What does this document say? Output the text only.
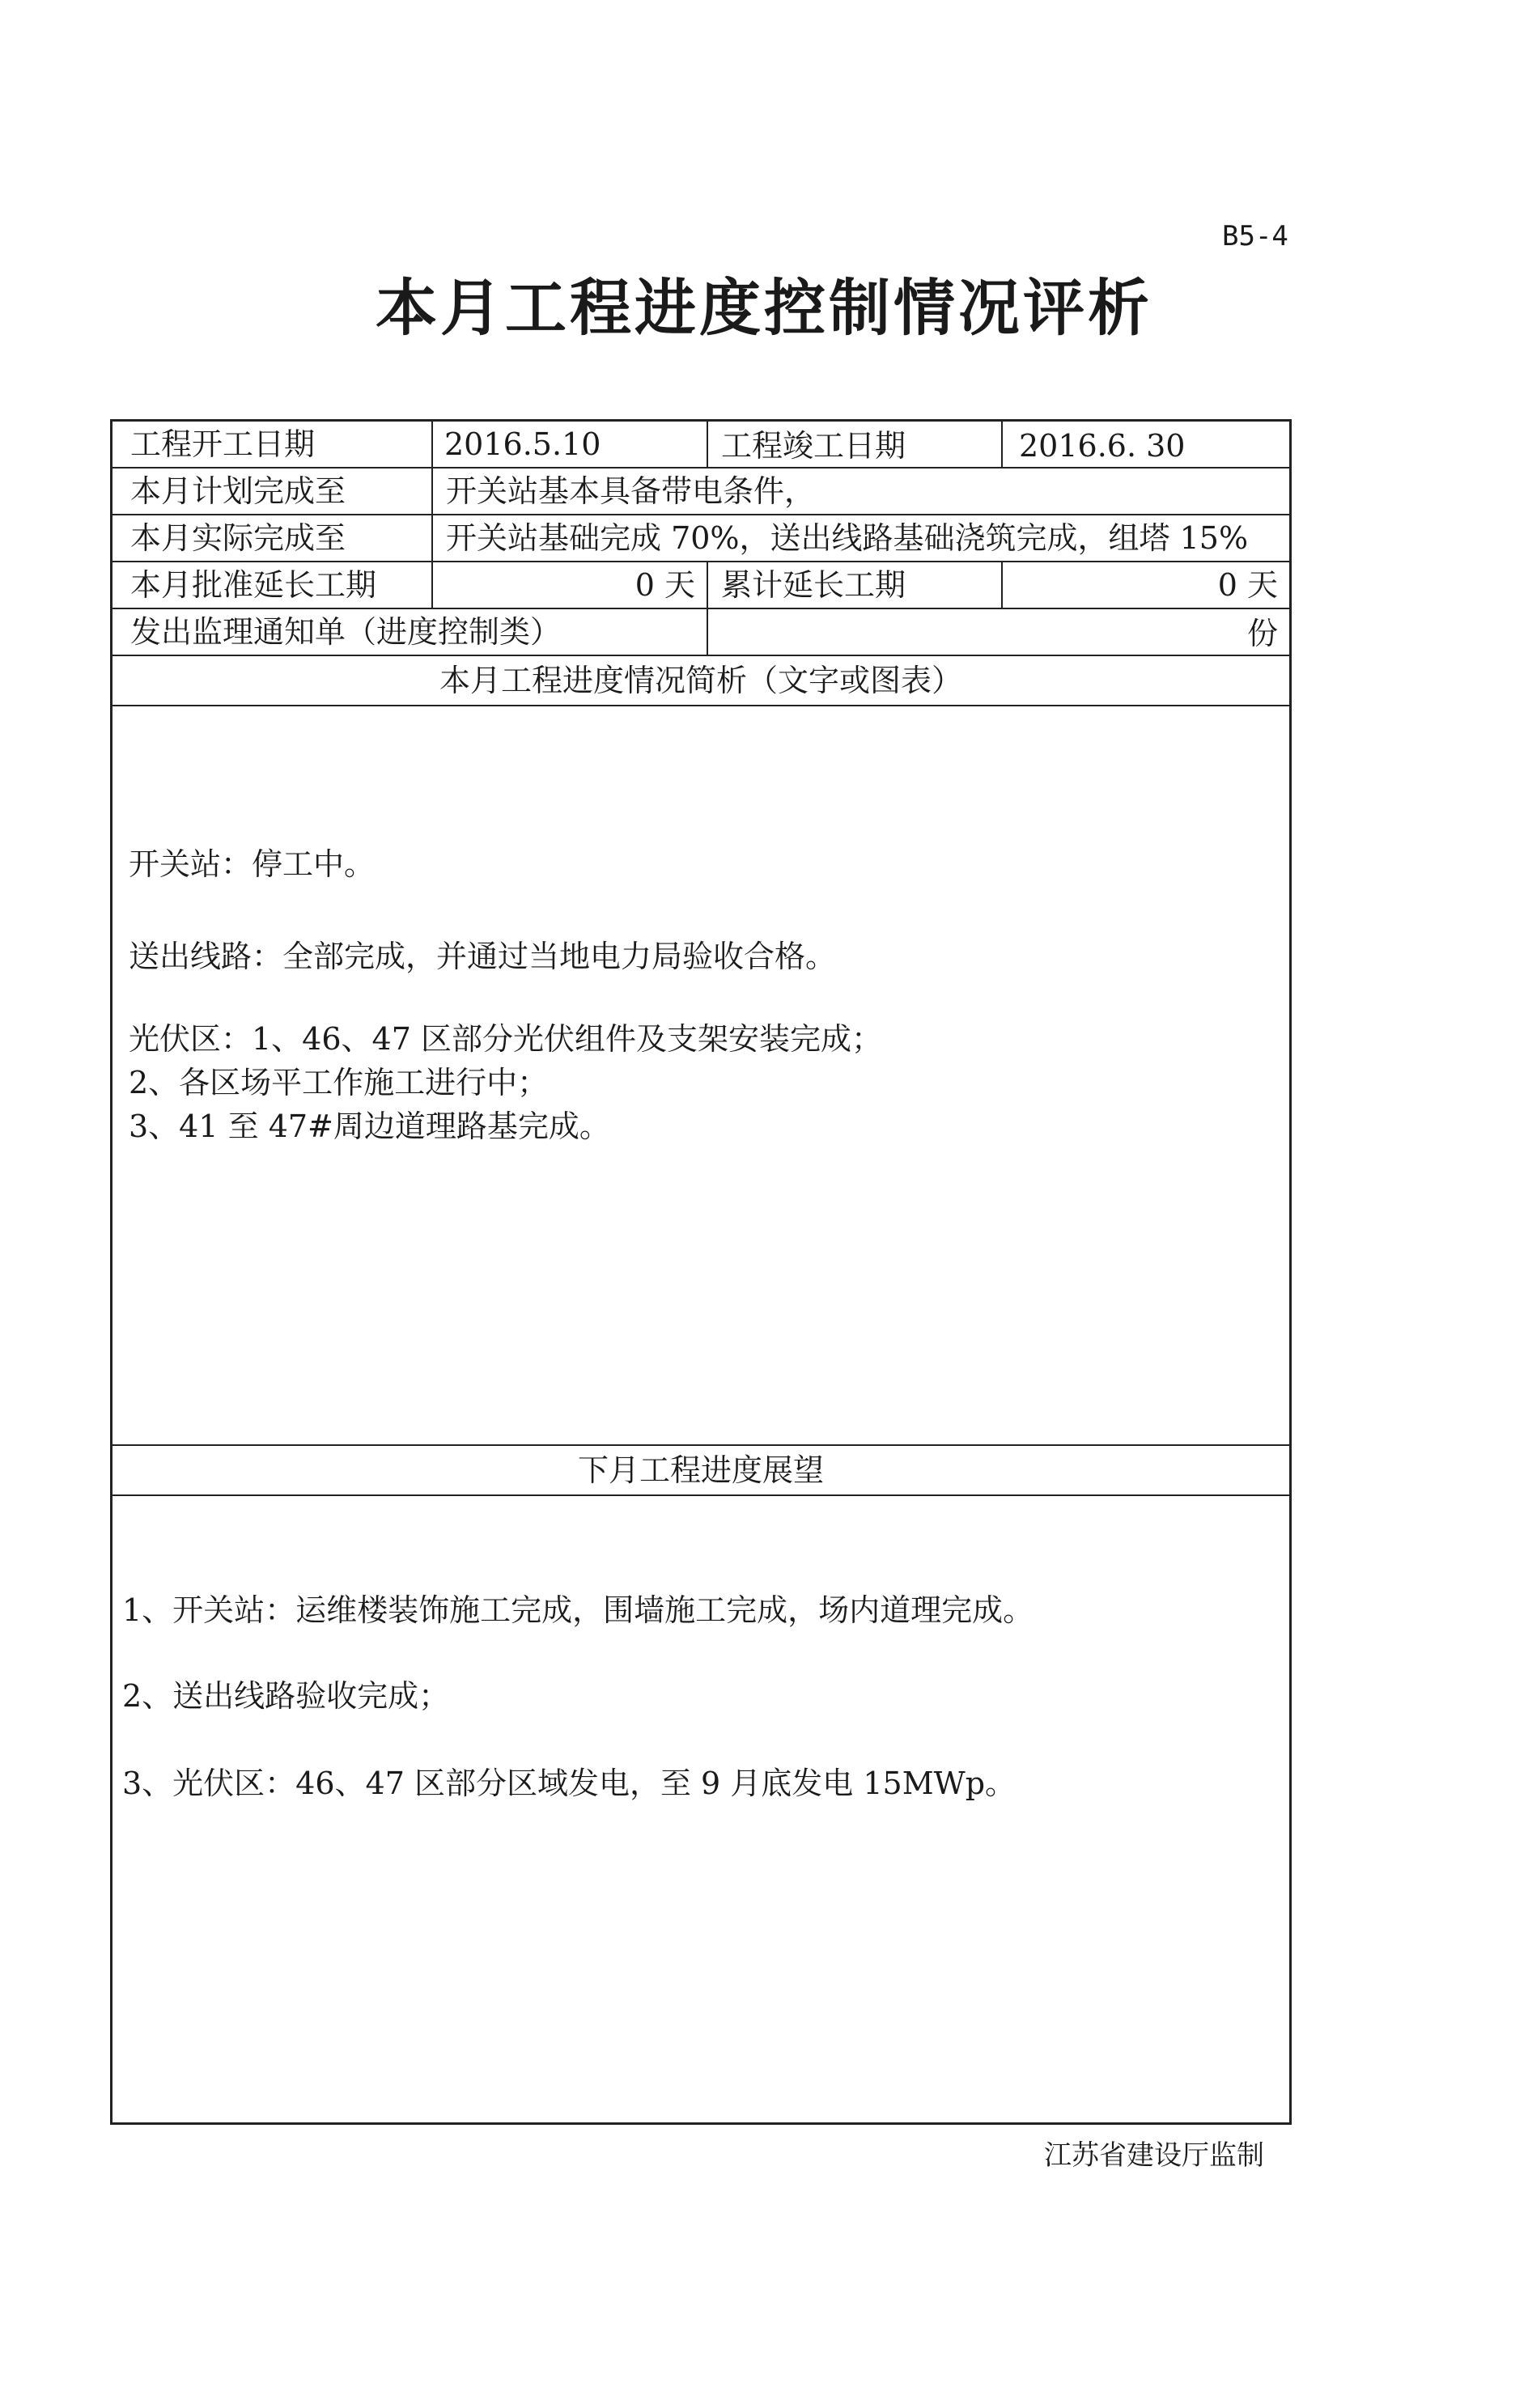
B5-4
本月工程进度控制情况评析
工程开工日期	2016.5.10	工程竣工日期	2016.6. 30
本月计划完成至	开关站基本具备带电条件，
本月实际完成至	开关站基础完成 70%，送出线路基础浇筑完成，组塔 15%
本月批准延长工期	0 天 累计延长工期	0 天
发出监理通知单（进度控制类）	份
本月工程进度情况简析（文字或图表）
开关站：停工中。
送出线路：全部完成，并通过当地电力局验收合格。
光伏区：1、46、47 区部分光伏组件及支架安装完成；
2、各区场平工作施工进行中；
3、41 至 47#周边道理路基完成。
下月工程进度展望
1、开关站：运维楼装饰施工完成，围墙施工完成，场内道理完成。
2、送出线路验收完成；
3、光伏区：46、47 区部分区域发电，至 9 月底发电 15MWp。
江苏省建设厅监制
